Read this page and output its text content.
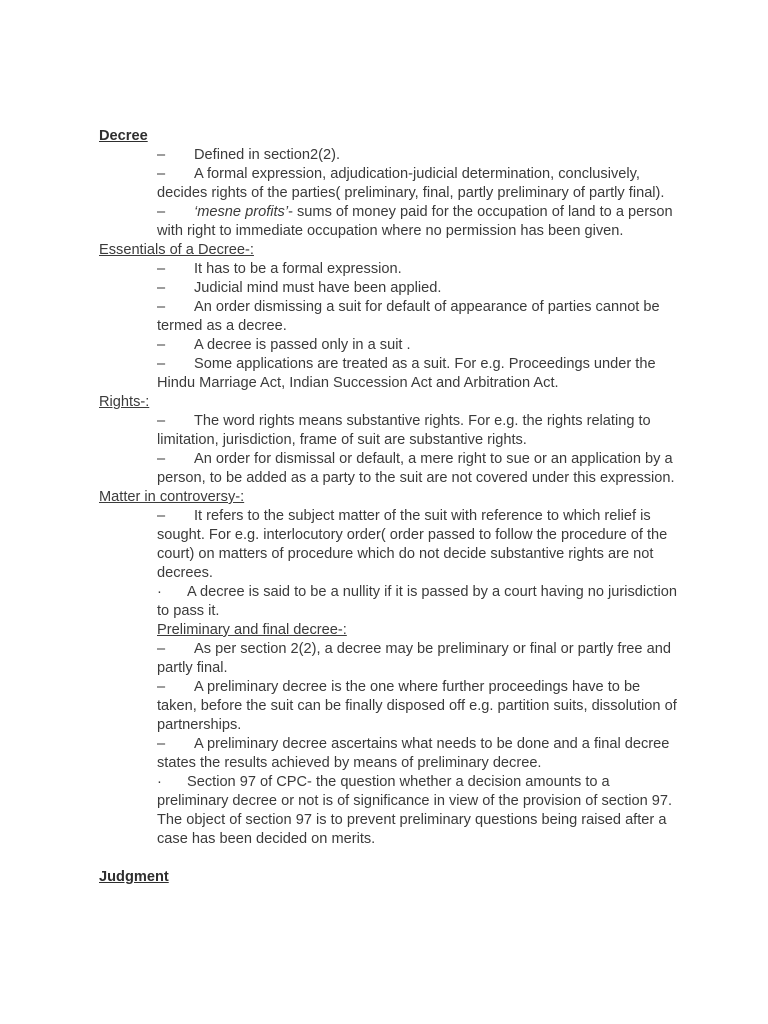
Decree
– Defined in section2(2).
– A formal expression, adjudication-judicial determination, conclusively, decides rights of the parties( preliminary, final, partly preliminary of partly final).
– ‘mesne profits’- sums of money paid for the occupation of land to a person with right to immediate occupation where no permission has been given.
Essentials of a Decree-:
– It has to be a formal expression.
– Judicial mind must have been applied.
– An order dismissing a suit for default of appearance of parties cannot be termed as a decree.
– A decree is passed only in a suit .
– Some applications are treated as a suit. For e.g. Proceedings under the Hindu Marriage Act, Indian Succession Act and Arbitration Act.
Rights-:
– The word rights means substantive rights. For e.g. the rights relating to limitation, jurisdiction, frame of suit are substantive rights.
– An order for dismissal or default, a mere right to sue or an application by a person, to be added as a party to the suit are not covered under this expression.
Matter in controversy-:
– It refers to the subject matter of the suit with reference to which relief is sought. For e.g. interlocutory order( order passed to follow the procedure of the court) on matters of procedure which do not decide substantive rights are not decrees.
· A decree is said to be a nullity if it is passed by a court having no jurisdiction to pass it.
Preliminary and final decree-:
– As per section 2(2), a decree may be preliminary or final or partly free and partly final.
– A preliminary decree is the one where further proceedings have to be taken, before the suit can be finally disposed off e.g. partition suits, dissolution of partnerships.
– A preliminary decree ascertains what needs to be done and a final decree states the results achieved by means of preliminary decree.
· Section 97 of CPC- the question whether a decision amounts to a preliminary decree or not is of significance in view of the provision of section 97. The object of section 97 is to prevent preliminary questions being raised after a case has been decided on merits.
Judgment
